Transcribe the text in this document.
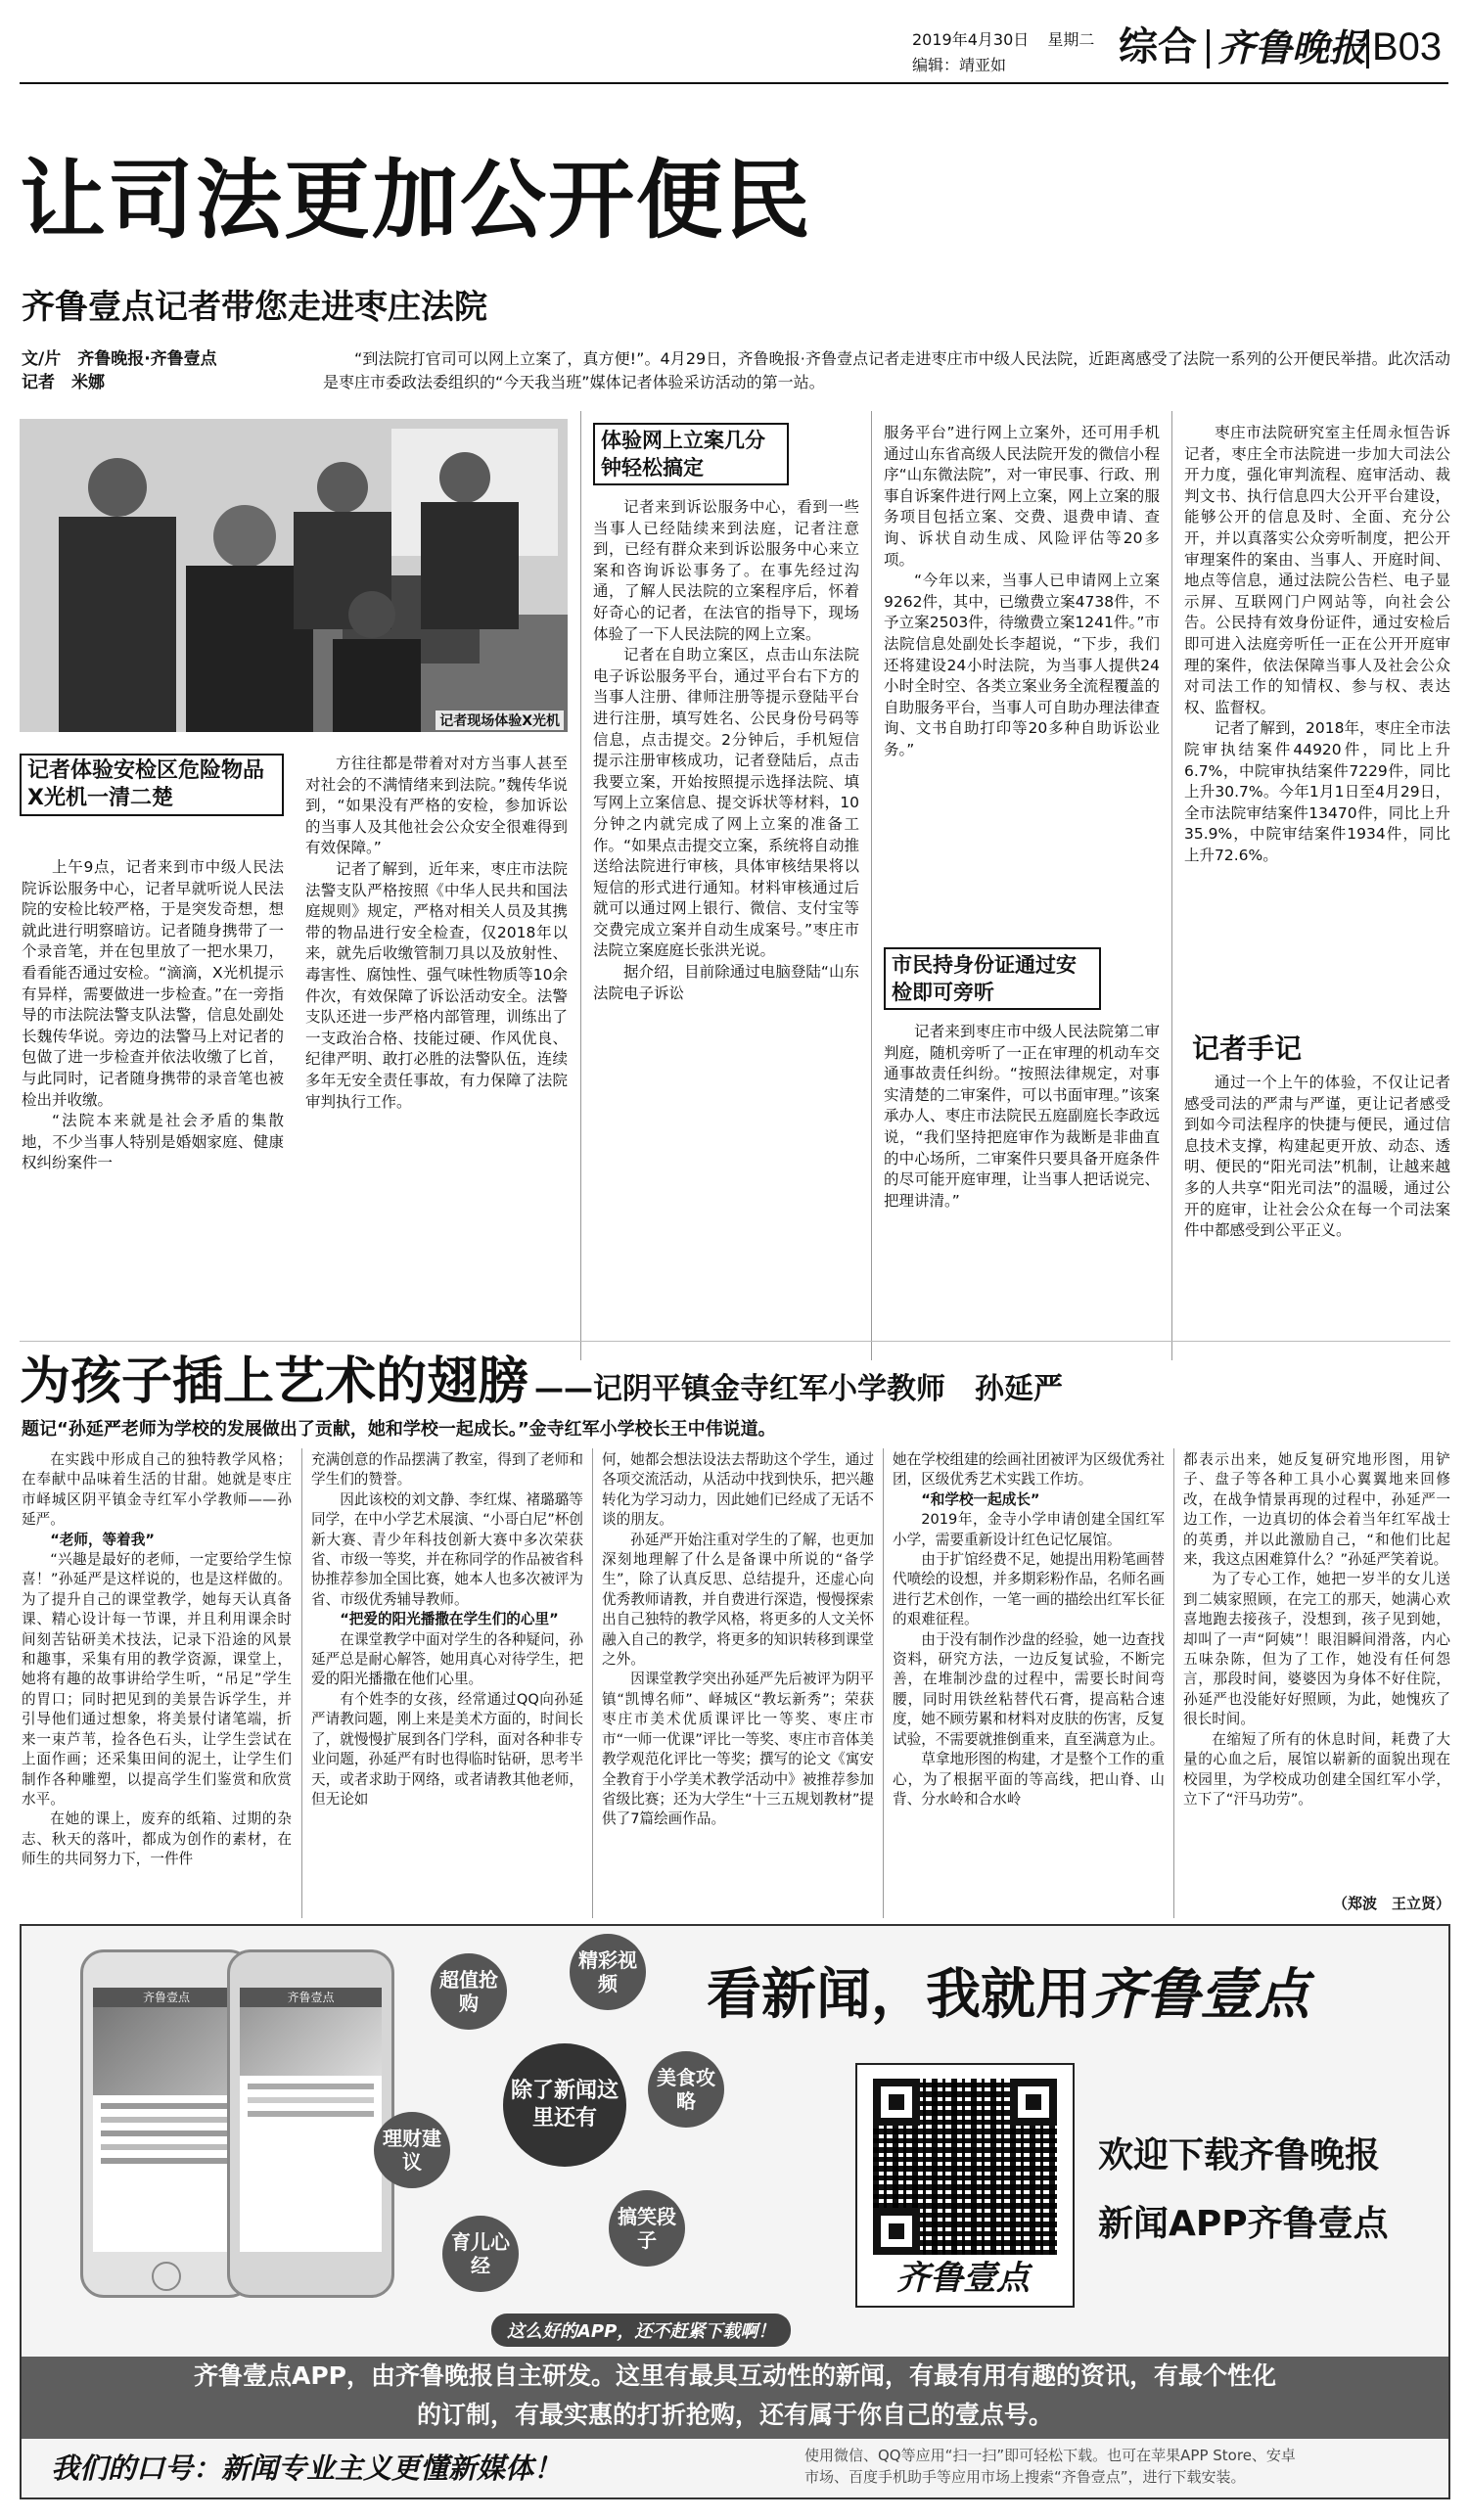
2019年4月30日 星期二
编辑：靖亚如	综合 齐鲁晚报 B03
让司法更加公开便民
齐鲁壹点记者带您走进枣庄法院
文/片　齐鲁晚报·齐鲁壹点
记者　米娜
“到法院打官司可以网上立案了，真方便!”。4月29日，齐鲁晚报·齐鲁壹点记者走进枣庄市中级人民法院，近距离感受了法院一系列的公开便民举措。此次活动是枣庄市委政法委组织的“今天我当班”媒体记者体验采访活动的第一站。
记者现场体验X光机
记者体验安检区危险物品X光机一清二楚

上午9点，记者来到市中级人民法院诉讼服务中心，记者早就听说人民法院的安检比较严格，于是突发奇想，想就此进行明察暗访。记者随身携带了一个录音笔，并在包里放了一把水果刀，看看能否通过安检。“滴滴，X光机提示有异样，需要做进一步检查。”在一旁指导的市法院法警支队法警，信息处副处长魏传华说。旁边的法警马上对记者的包做了进一步检查并依法收缴了匕首，与此同时，记者随身携带的录音笔也被检出并收缴。

“法院本来就是社会矛盾的集散地，不少当事人特别是婚姻家庭、健康权纠纷案件一

方往往都是带着对对方当事人甚至对社会的不满情绪来到法院。”魏传华说到，“如果没有严格的安检，参加诉讼的当事人及其他社会公众安全很难得到有效保障。”

记者了解到，近年来，枣庄市法院法警支队严格按照《中华人民共和国法庭规则》规定，严格对相关人员及其携带的物品进行安全检查，仅2018年以来，就先后收缴管制刀具以及放射性、毒害性、腐蚀性、强气味性物质等10余件次，有效保障了诉讼活动安全。法警支队还进一步严格内部管理，训练出了一支政治合格、技能过硬、作风优良、纪律严明、敢打必胜的法警队伍，连续多年无安全责任事故，有力保障了法院审判执行工作。

体验网上立案几分钟轻松搞定

记者来到诉讼服务中心，看到一些当事人已经陆续来到法庭，记者注意到，已经有群众来到诉讼服务中心来立案和咨询诉讼事务了。在事先经过沟通，了解人民法院的立案程序后，怀着好奇心的记者，在法官的指导下，现场体验了一下人民法院的网上立案。

记者在自助立案区，点击山东法院电子诉讼服务平台，通过平台右下方的当事人注册、律师注册等提示登陆平台进行注册，填写姓名、公民身份号码等信息，点击提交。2分钟后，手机短信提示注册审核成功，记者登陆后，点击我要立案，开始按照提示选择法院、填写网上立案信息、提交诉状等材料，10分钟之内就完成了网上立案的准备工作。“如果点击提交立案，系统将自动推送给法院进行审核，具体审核结果将以短信的形式进行通知。材料审核通过后就可以通过网上银行、微信、支付宝等交费完成立案并自动生成案号。”枣庄市法院立案庭庭长张洪光说。

据介绍，目前除通过电脑登陆“山东法院电子诉讼

服务平台”进行网上立案外，还可用手机通过山东省高级人民法院开发的微信小程序“山东微法院”，对一审民事、行政、刑事自诉案件进行网上立案，网上立案的服务项目包括立案、交费、退费申请、查询、诉状自动生成、风险评估等20多项。

“今年以来，当事人已申请网上立案9262件，其中，已缴费立案4738件，不予立案2503件，待缴费立案1241件。”市法院信息处副处长李超说，“下步，我们还将建设24小时法院，为当事人提供24小时全时空、各类立案业务全流程覆盖的自助服务平台，当事人可自助办理法律查询、文书自助打印等20多种自助诉讼业务。”

市民持身份证通过安检即可旁听

记者来到枣庄市中级人民法院第二审判庭，随机旁听了一正在审理的机动车交通事故责任纠纷。“按照法律规定，对事实清楚的二审案件，可以书面审理。”该案承办人、枣庄市法院民五庭副庭长李政远说，“我们坚持把庭审作为裁断是非曲直的中心场所，二审案件只要具备开庭条件的尽可能开庭审理，让当事人把话说完、把理讲清。”

枣庄市法院研究室主任周永恒告诉记者，枣庄全市法院进一步加大司法公开力度，强化审判流程、庭审活动、裁判文书、执行信息四大公开平台建设，能够公开的信息及时、全面、充分公开，并以真落实公众旁听制度，把公开审理案件的案由、当事人、开庭时间、地点等信息，通过法院公告栏、电子显示屏、互联网门户网站等，向社会公告。公民持有效身份证件，通过安检后即可进入法庭旁听任一正在公开开庭审理的案件，依法保障当事人及社会公众对司法工作的知情权、参与权、表达权、监督权。

记者了解到，2018年，枣庄全市法院审执结案件44920件，同比上升6.7%，中院审执结案件7229件，同比上升30.7%。今年1月1日至4月29日，全市法院审结案件13470件，同比上升35.9%，中院审结案件1934件，同比上升72.6%。

记者手记

通过一个上午的体验，不仅让记者感受司法的严肃与严谨，更让记者感受到如今司法程序的快捷与便民，通过信息技术支撑，构建起更开放、动态、透明、便民的“阳光司法”机制，让越来越多的人共享“阳光司法”的温暖，通过公开的庭审，让社会公众在每一个司法案件中都感受到公平正义。

为孩子插上艺术的翅膀 ——记阴平镇金寺红军小学教师　孙延严
题记“孙延严老师为学校的发展做出了贡献，她和学校一起成长。”金寺红军小学校长王中伟说道。

在实践中形成自己的独特教学风格；在奉献中品味着生活的甘甜。她就是枣庄市峄城区阴平镇金寺红军小学教师——孙延严。

“老师，等着我”

“兴趣是最好的老师，一定要给学生惊喜！”孙延严是这样说的，也是这样做的。为了提升自己的课堂教学，她每天认真备课、精心设计每一节课，并且利用课余时间刻苦钻研美术技法，记录下沿途的风景和趣事，采集有用的教学资源，课堂上，她将有趣的故事讲给学生听，“吊足”学生的胃口；同时把见到的美景告诉学生，并引导他们通过想象，将美景付诸笔端，折来一束芦苇，捡各色石头，让学生尝试在上面作画；还采集田间的泥土，让学生们制作各种雕塑，以提高学生们鉴赏和欣赏水平。

在她的课上，废弃的纸箱、过期的杂志、秋天的落叶，都成为创作的素材，在师生的共同努力下，一件件

充满创意的作品摆满了教室，得到了老师和学生们的赞誉。

因此该校的刘文静、李红煤、褚璐璐等同学，在中小学艺术展演、“小哥白尼”杯创新大赛、青少年科技创新大赛中多次荣获省、市级一等奖，并在称同学的作品被省科协推荐参加全国比赛，她本人也多次被评为省、市级优秀辅导教师。

“把爱的阳光播撒在学生们的心里”

在课堂教学中面对学生的各种疑问，孙延严总是耐心解答，她用真心对待学生，把爱的阳光播撒在他们心里。

有个姓李的女孩，经常通过QQ向孙延严请教问题，刚上来是美术方面的，时间长了，就慢慢扩展到各门学科，面对各种非专业问题，孙延严有时也得临时钻研，思考半天，或者求助于网络，或者请教其他老师，但无论如

何，她都会想法设法去帮助这个学生，通过各项交流活动，从活动中找到快乐，把兴趣转化为学习动力，因此她们已经成了无话不谈的朋友。

孙延严开始注重对学生的了解，也更加深刻地理解了什么是备课中所说的“备学生”，除了认真反思、总结提升，还虚心向优秀教师请教，并自费进行深造，慢慢探索出自己独特的教学风格，将更多的人文关怀融入自己的教学，将更多的知识转移到课堂之外。

因课堂教学突出孙延严先后被评为阴平镇“凯博名师”、峄城区“教坛新秀”；荣获枣庄市美术优质课评比一等奖、枣庄市市“一师一优课”评比一等奖、枣庄市音体美教学观范化评比一等奖；撰写的论文《寓安全教育于小学美术教学活动中》被推荐参加省级比赛；还为大学生“十三五规划教材”提供了7篇绘画作品。

她在学校组建的绘画社团被评为区级优秀社团，区级优秀艺术实践工作坊。

“和学校一起成长”

2019年，金寺小学申请创建全国红军小学，需要重新设计红色记忆展馆。

由于扩馆经费不足，她提出用粉笔画替代喷绘的设想，并多期彩粉作品，名师名画进行艺术创作，一笔一画的描绘出红军长征的艰难征程。

由于没有制作沙盘的经验，她一边查找资料，研究方法，一边反复试验，不断完善，在堆制沙盘的过程中，需要长时间弯腰，同时用铁丝粘替代石膏，提高粘合速度，她不顾劳累和材料对皮肤的伤害，反复试验，不需要就推倒重来，直至满意为止。

草拿地形图的构建，才是整个工作的重心，为了根据平面的等高线，把山脊、山背、分水岭和合水岭

都表示出来，她反复研究地形图，用铲子、盘子等各种工具小心翼翼地来回修改，在战争情景再现的过程中，孙延严一边工作，一边真切的体会着当年红军战士的英勇，并以此激励自己，“和他们比起来，我这点困难算什么？”孙延严笑着说。

为了专心工作，她把一岁半的女儿送到二姨家照顾，在完工的那天，她满心欢喜地跑去接孩子，没想到，孩子见到她，却叫了一声“阿姨”！眼泪瞬间滑落，内心五味杂陈，但为了工作，她没有任何怨言，那段时间，婆婆因为身体不好住院，孙延严也没能好好照顾，为此，她愧疚了很长时间。

在缩短了所有的休息时间，耗费了大量的心血之后，展馆以崭新的面貌出现在校园里，为学校成功创建全国红军小学，立下了“汗马功劳”。

（郑波　王立贤）
齐鲁壹点	齐鲁壹点
超值抢购
精彩视频
美食攻略
理财建议
育儿心经
搞笑段子
除了新闻这里还有
这么好的APP，还不赶紧下载啊！
看新闻，我就用齐鲁壹点
齐鲁壹点
欢迎下载齐鲁晚报
新闻APP齐鲁壹点
齐鲁壹点APP，由齐鲁晚报自主研发。这里有最具互动性的新闻，有最有用有趣的资讯，有最个性化
的订制，有最实惠的打折抢购，还有属于你自己的壹点号。
我们的口号：新闻专业主义更懂新媒体！	使用微信、QQ等应用“扫一扫”即可轻松下载。也可在苹果APP Store、安卓
市场、百度手机助手等应用市场上搜索“齐鲁壹点”，进行下载安装。
